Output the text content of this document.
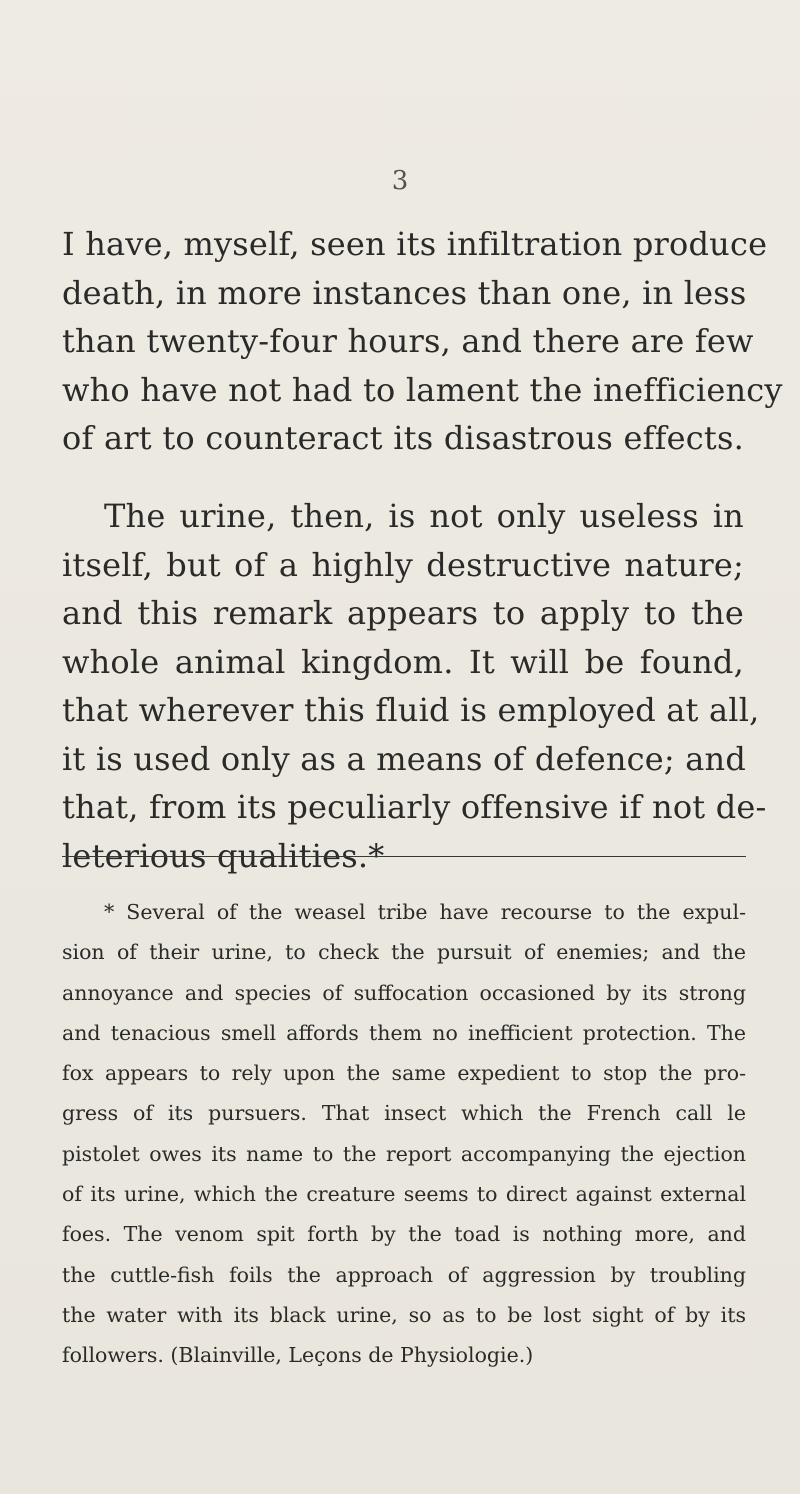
3
I have, myself, seen its infiltration produce
death, in more instances than one, in less
than twenty-four hours, and there are few
who have not had to lament the inefficiency
of art to counteract its disastrous effects.
The urine, then, is not only useless in
itself, but of a highly destructive nature;
and this remark appears to apply to the
whole animal kingdom. It will be found,
that wherever this fluid is employed at all,
it is used only as a means of defence; and
that, from its peculiarly offensive if not de-
leterious qualities.*
* Several of the weasel tribe have recourse to the expul-
sion of their urine, to check the pursuit of enemies; and the
annoyance and species of suffocation occasioned by its strong
and tenacious smell affords them no inefficient protection. The
fox appears to rely upon the same expedient to stop the pro-
gress of its pursuers. That insect which the French call le
pistolet owes its name to the report accompanying the ejection
of its urine, which the creature seems to direct against external
foes. The venom spit forth by the toad is nothing more, and
the cuttle-fish foils the approach of aggression by troubling
the water with its black urine, so as to be lost sight of by its
followers. (Blainville, Leçons de Physiologie.)
